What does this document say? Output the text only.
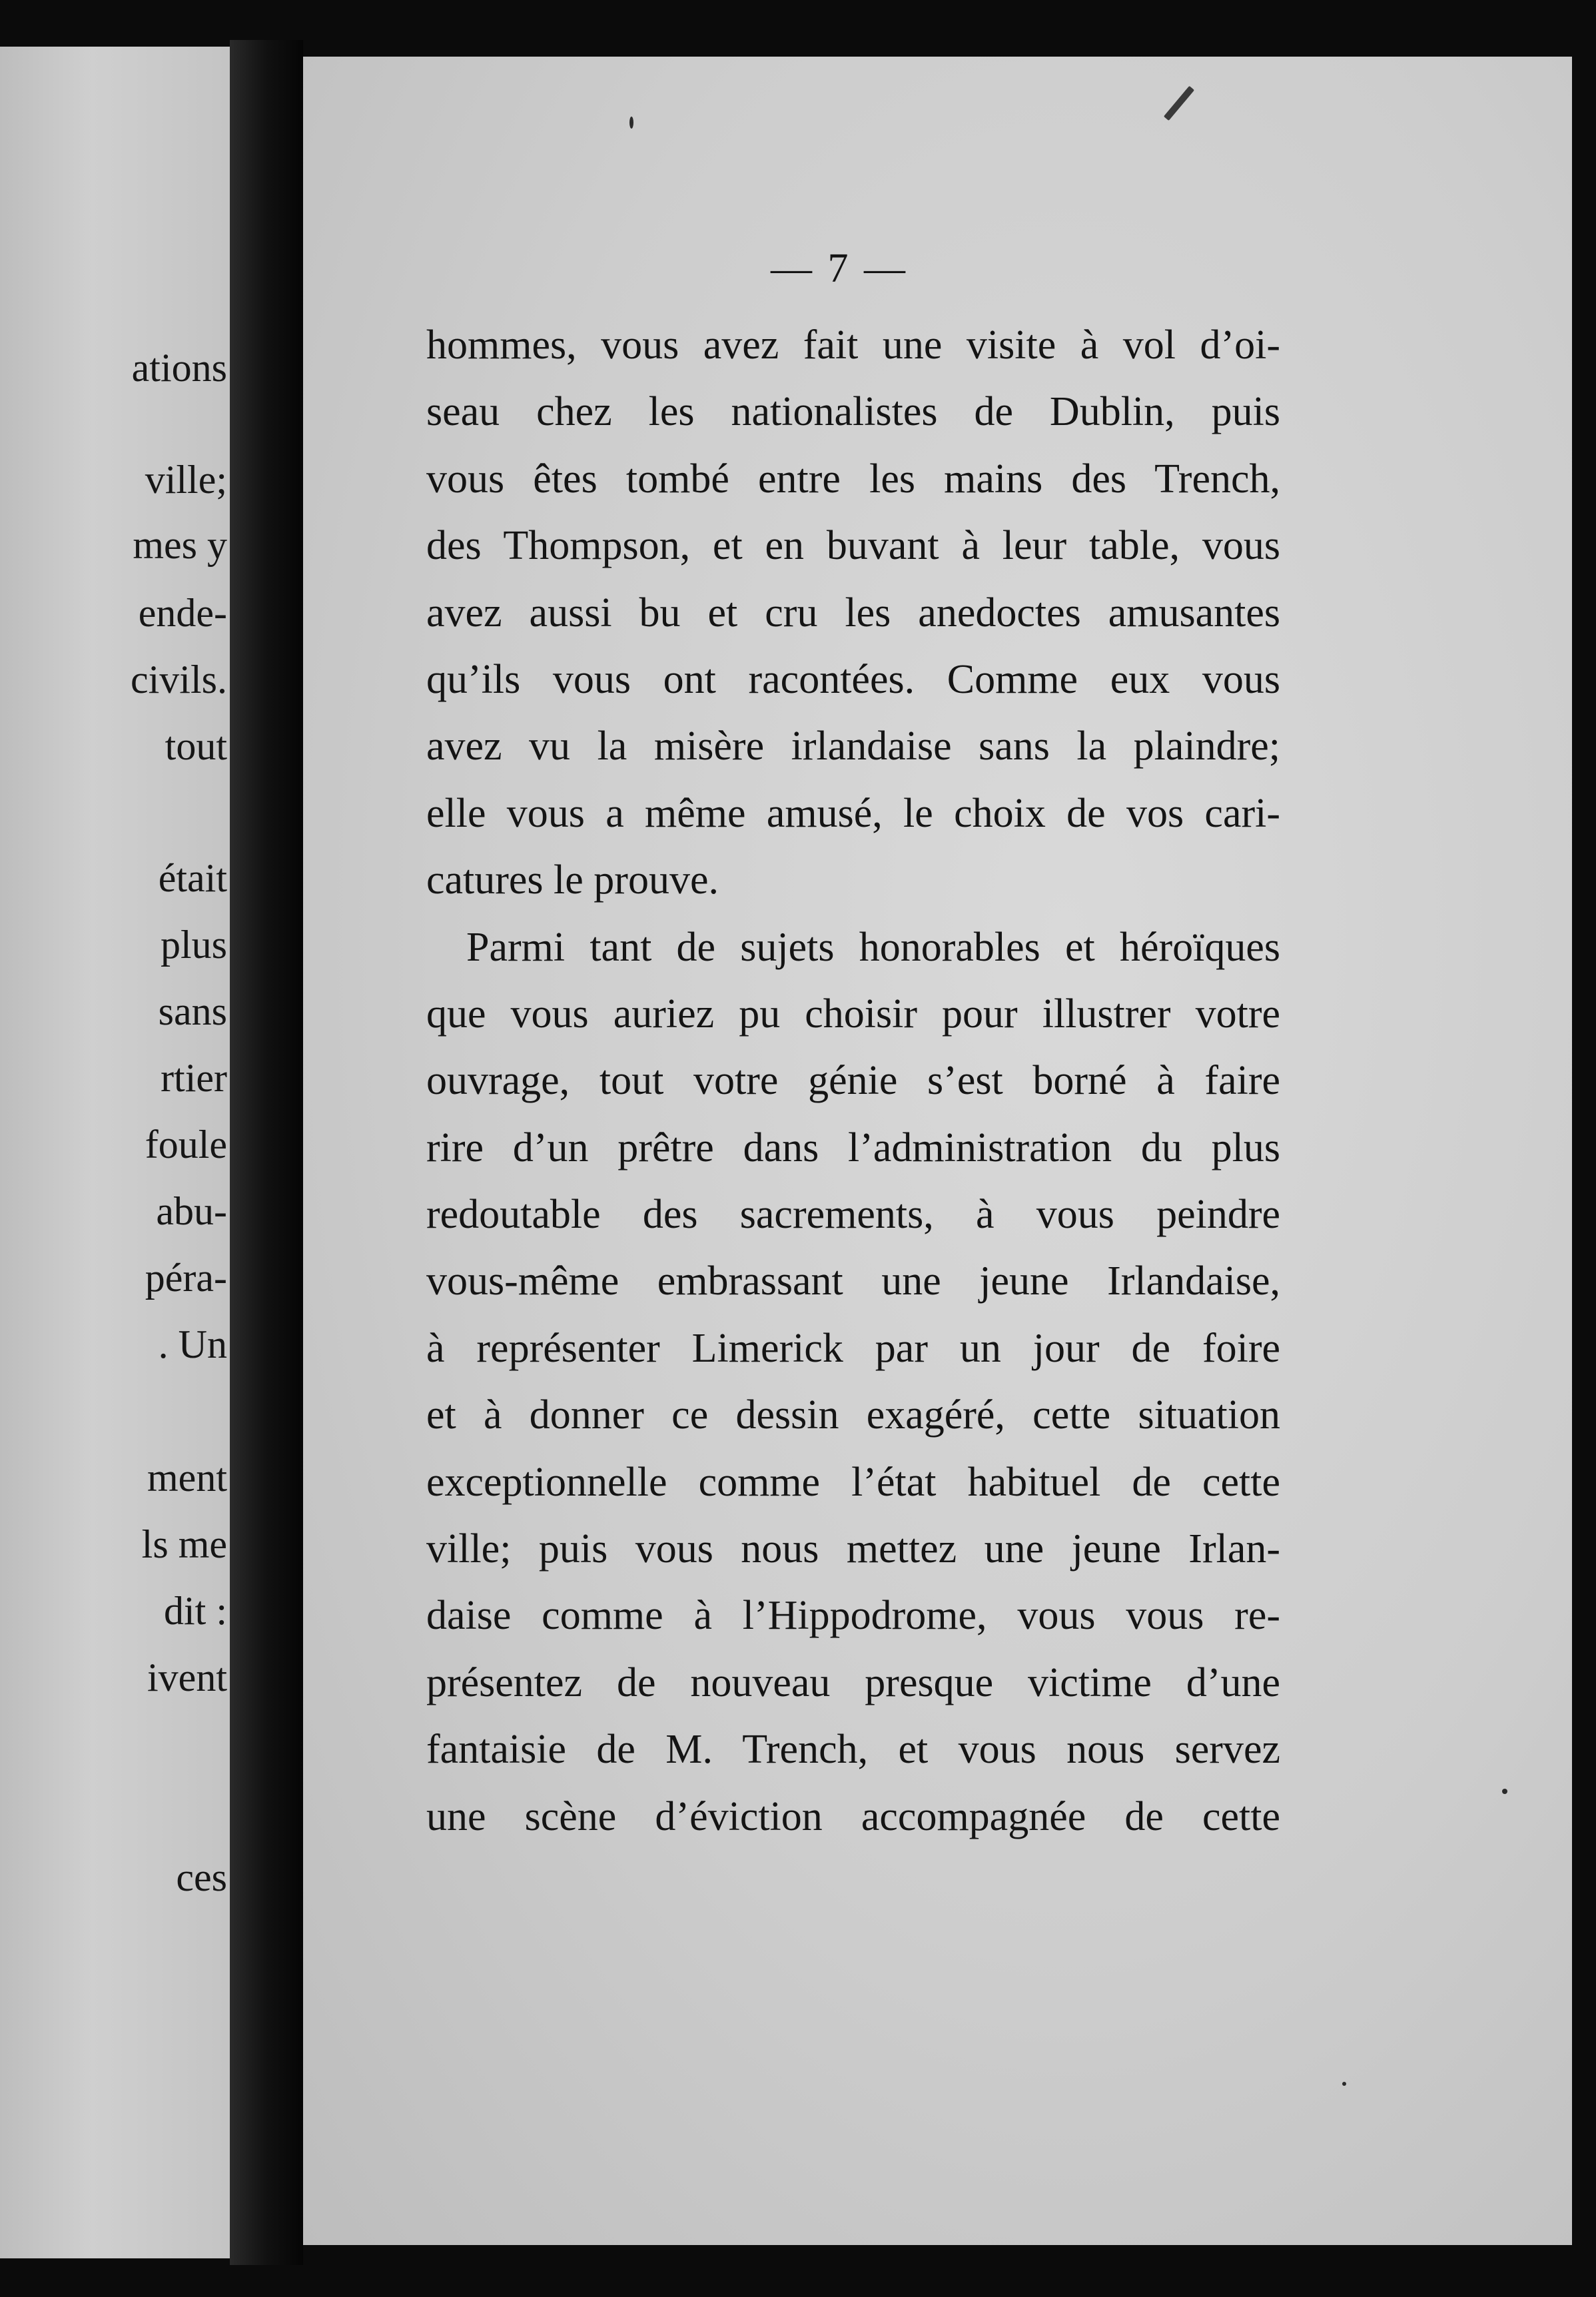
ations
ville;
mes y
ende-
civils.
tout
était
plus
sans
rtier
foule
abu-
péra-
. Un
ment
ls me
dit :
ivent
ces
— 7 —
hommes, vous avez fait une visite à vol d’oi-
seau chez les nationalistes de Dublin, puis
vous êtes tombé entre les mains des Trench,
des Thompson, et en buvant à leur table, vous
avez aussi bu et cru les anedoctes amusantes
qu’ils vous ont racontées. Comme eux vous
avez vu la misère irlandaise sans la plaindre;
elle vous a même amusé, le choix de vos cari-
catures le prouve.
Parmi tant de sujets honorables et héroïques
que vous auriez pu choisir pour illustrer votre
ouvrage, tout votre génie s’est borné à faire
rire d’un prêtre dans l’administration du plus
redoutable des sacrements, à vous peindre
vous-même embrassant une jeune Irlandaise,
à représenter Limerick par un jour de foire
et à donner ce dessin exagéré, cette situation
exceptionnelle comme l’état habituel de cette
ville; puis vous nous mettez une jeune Irlan-
daise comme à l’Hippodrome, vous vous re-
présentez de nouveau presque victime d’une
fantaisie de M. Trench, et vous nous servez
une scène d’éviction accompagnée de cette
